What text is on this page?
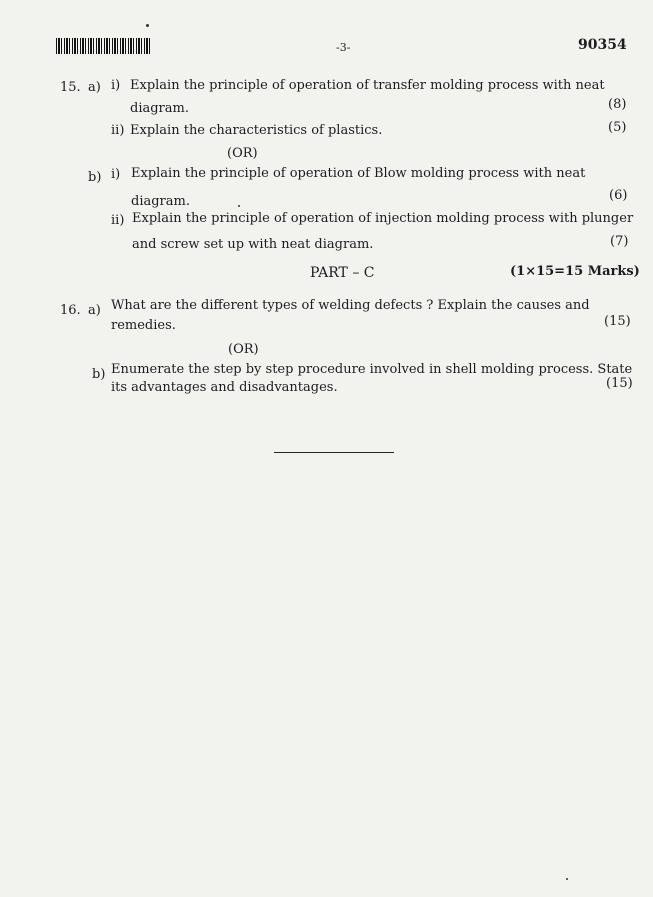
-3-	90354
15. a) i) Explain the principle of operation of transfer molding process with neat
diagram.	(8)
ii) Explain the characteristics of plastics.	(5)
(OR)
b) i) Explain the principle of operation of Blow molding process with neat
diagram.	(6)
ii) Explain the principle of operation of injection molding process with plunger
and screw set up with neat diagram.	(7)
PART – C	(1×15=15 Marks)
16. a) What are the different types of welding defects ? Explain the causes and
remedies.	(15)
(OR)
b) Enumerate the step by step procedure involved in shell molding process. State
its advantages and disadvantages.	(15)
